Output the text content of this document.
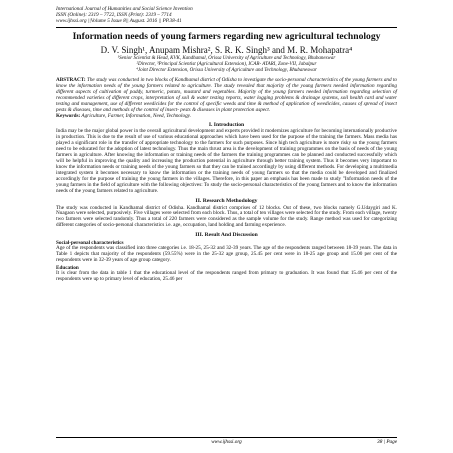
International Journal of Humanities and Social Science Invention
ISSN (Online): 2319 – 7722, ISSN (Print): 2319 – 7714
www.ijhssi.org ||Volume 5 Issue 8|| August. 2016 || PP.38-41
Information needs of young farmers regarding new agricultural technology
D. V. Singh¹, Anupam Mishra², S. R. K. Singh³ and M. R. Mohapatra⁴
¹Senior Scientist & Head, KVK, Kandhamal, Orissa University of Agriculture and Technology, Bhubaneswar
²Director, ³Principal Scientist (Agricultural Extension), ICAR- ATARI, Zone-VII, Jabalpur
⁴Joint Director Extension, Orissa University of Agriculture and Technology, Bhubaneswar
ABSTRACT: The study was conducted in two blocks of Kandhamal district of Odisha to investigate the socio-personal characteristics of the young farmers and to know the information needs of the young farmers related to agriculture. The study revealed that majority of the young farmers needed information regarding different aspects of cultivation of paddy, turmeric, potato, mustard and vegetables. Majority of the young farmers needed information regarding selection of recommended varieties of different crops, interpretation of soil & water testing reports, water logging problems & drainage systems, soil health card and water testing and management, use of different weedicides for the control of specific weeds and time & method of application of weedicides, causes of spread of insect pests & diseases, time and methods of the control of insect- pests & diseases in plant protection aspect.
Keywords: Agriculture, Farmer, Information, Need, Technology.
I. Introduction

India may be the major global power in the overall agricultural development and experts provided it modernizes agriculture for becoming internationally productive in production. This is due to the result of use of various educational approaches which have been used for the purpose of the training the farmers. Mass media has played a significant role in the transfer of appropriate technology to the farmers for such purposes. Since high tech agriculture is more risky so the young farmers need to be educated for the adoption of latest technology. Thus the main thrust area is the development of training programmes on the basis of needs of the young farmers in agriculture. After knowing the information or training needs of the farmers the training programmes can be planned and conducted successfully which will be helpful in improving the quality and increasing the production potential in agriculture through better training system. Thus it becomes very important to know the information needs or training needs of the young farmers so that they can be trained accordingly by using different methods. For developing a multimedia integrated system it becomes necessary to know the information or the training needs of young farmers so that the media could be developed and finalized accordingly for the purpose of training the young farmers in the villages. Therefore, in this paper an emphasis has been made to study "Information needs of the young farmers in the field of agriculture with the following objectives: To study the socio-personal characteristics of the young farmers and to know the information needs of the young farmers related to agriculture.

II. Research Methodology

The study was conducted in Kandhamal district of Odisha. Kandhamal district comprises of 12 blocks. Out of these, two blocks namely G.Udaygiri and K. Nuagaon were selected, purposively. Five villages were selected from each block. Thus, a total of ten villages were selected for the study. From each village, twenty two farmers were selected randomly. Thus a total of 220 farmers were considered as the sample volume for the study. Range method was used for categorizing different categories of socio-personal characteristics i.e. age, occupation, land holding and farming experience.

III. Result And Discussion
Social-personal characteristics

Age of the respondents was classified into three categories i.e. 18-25, 25-32 and 32-39 years. The age of the respondents ranged between 18-39 years. The data in Table 1 depicts that majority of the respondents (59.55%) were in the 25-32 age group, 25.45 per cent were in 18-25 age group and 15.00 per cent of the respondents were in 32-39 years of age group category.

Education

It is clear from the data in table 1 that the educational level of the respondents ranged from primary to graduation. It was found that 15.46 per cent of the respondents were up to primary level of education, 25.46 per

www.ijhssi.org	38 | Page
